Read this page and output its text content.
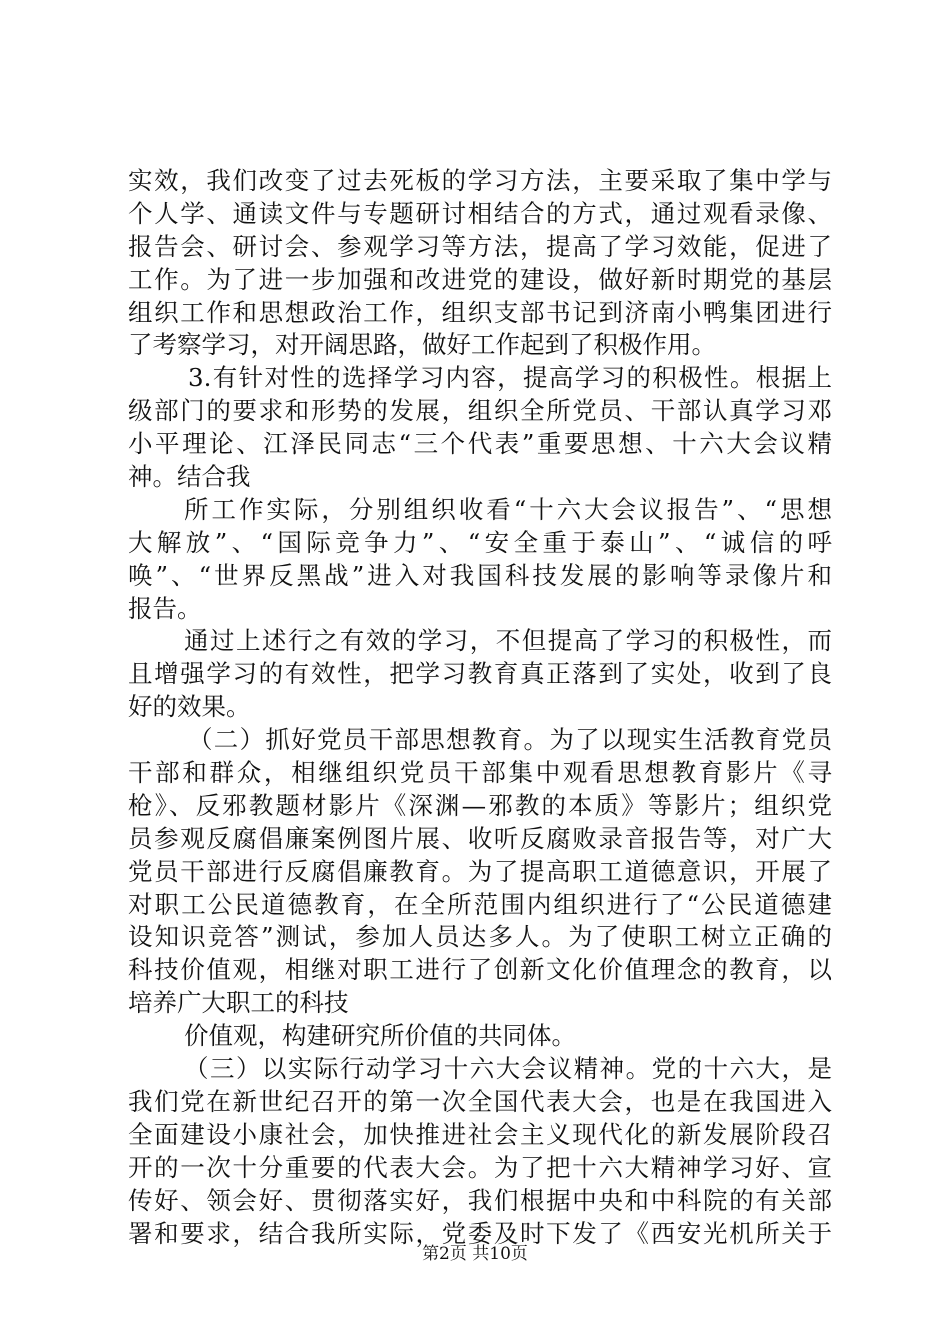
实效，我们改变了过去死板的学习方法，主要采取了集中学与
个人学、通读文件与专题研讨相结合的方式，通过观看录像、
报告会、研讨会、参观学习等方法，提高了学习效能，促进了
工作。为了进一步加强和改进党的建设，做好新时期党的基层
组织工作和思想政治工作，组织支部书记到济南小鸭集团进行
了考察学习，对开阔思路，做好工作起到了积极作用。
3.有针对性的选择学习内容，提高学习的积极性。根据上
级部门的要求和形势的发展，组织全所党员、干部认真学习邓
小平理论、江泽民同志“三个代表”重要思想、十六大会议精
神。结合我
所工作实际，分别组织收看“十六大会议报告”、“思想
大解放”、“国际竞争力”、“安全重于泰山”、“诚信的呼
唤”、“世界反黑战”进入对我国科技发展的影响等录像片和
报告。
通过上述行之有效的学习，不但提高了学习的积极性，而
且增强学习的有效性，把学习教育真正落到了实处，收到了良
好的效果。
（二）抓好党员干部思想教育。为了以现实生活教育党员
干部和群众，相继组织党员干部集中观看思想教育影片《寻
枪》、反邪教题材影片《深渊—邪教的本质》等影片；组织党
员参观反腐倡廉案例图片展、收听反腐败录音报告等，对广大
党员干部进行反腐倡廉教育。为了提高职工道德意识，开展了
对职工公民道德教育，在全所范围内组织进行了“公民道德建
设知识竞答”测试，参加人员达多人。为了使职工树立正确的
科技价值观，相继对职工进行了创新文化价值理念的教育，以
培养广大职工的科技
价值观，构建研究所价值的共同体。
（三）以实际行动学习十六大会议精神。党的十六大，是
我们党在新世纪召开的第一次全国代表大会，也是在我国进入
全面建设小康社会，加快推进社会主义现代化的新发展阶段召
开的一次十分重要的代表大会。为了把十六大精神学习好、宣
传好、领会好、贯彻落实好，我们根据中央和中科院的有关部
署和要求，结合我所实际，党委及时下发了《西安光机所关于
第2页 共10页
